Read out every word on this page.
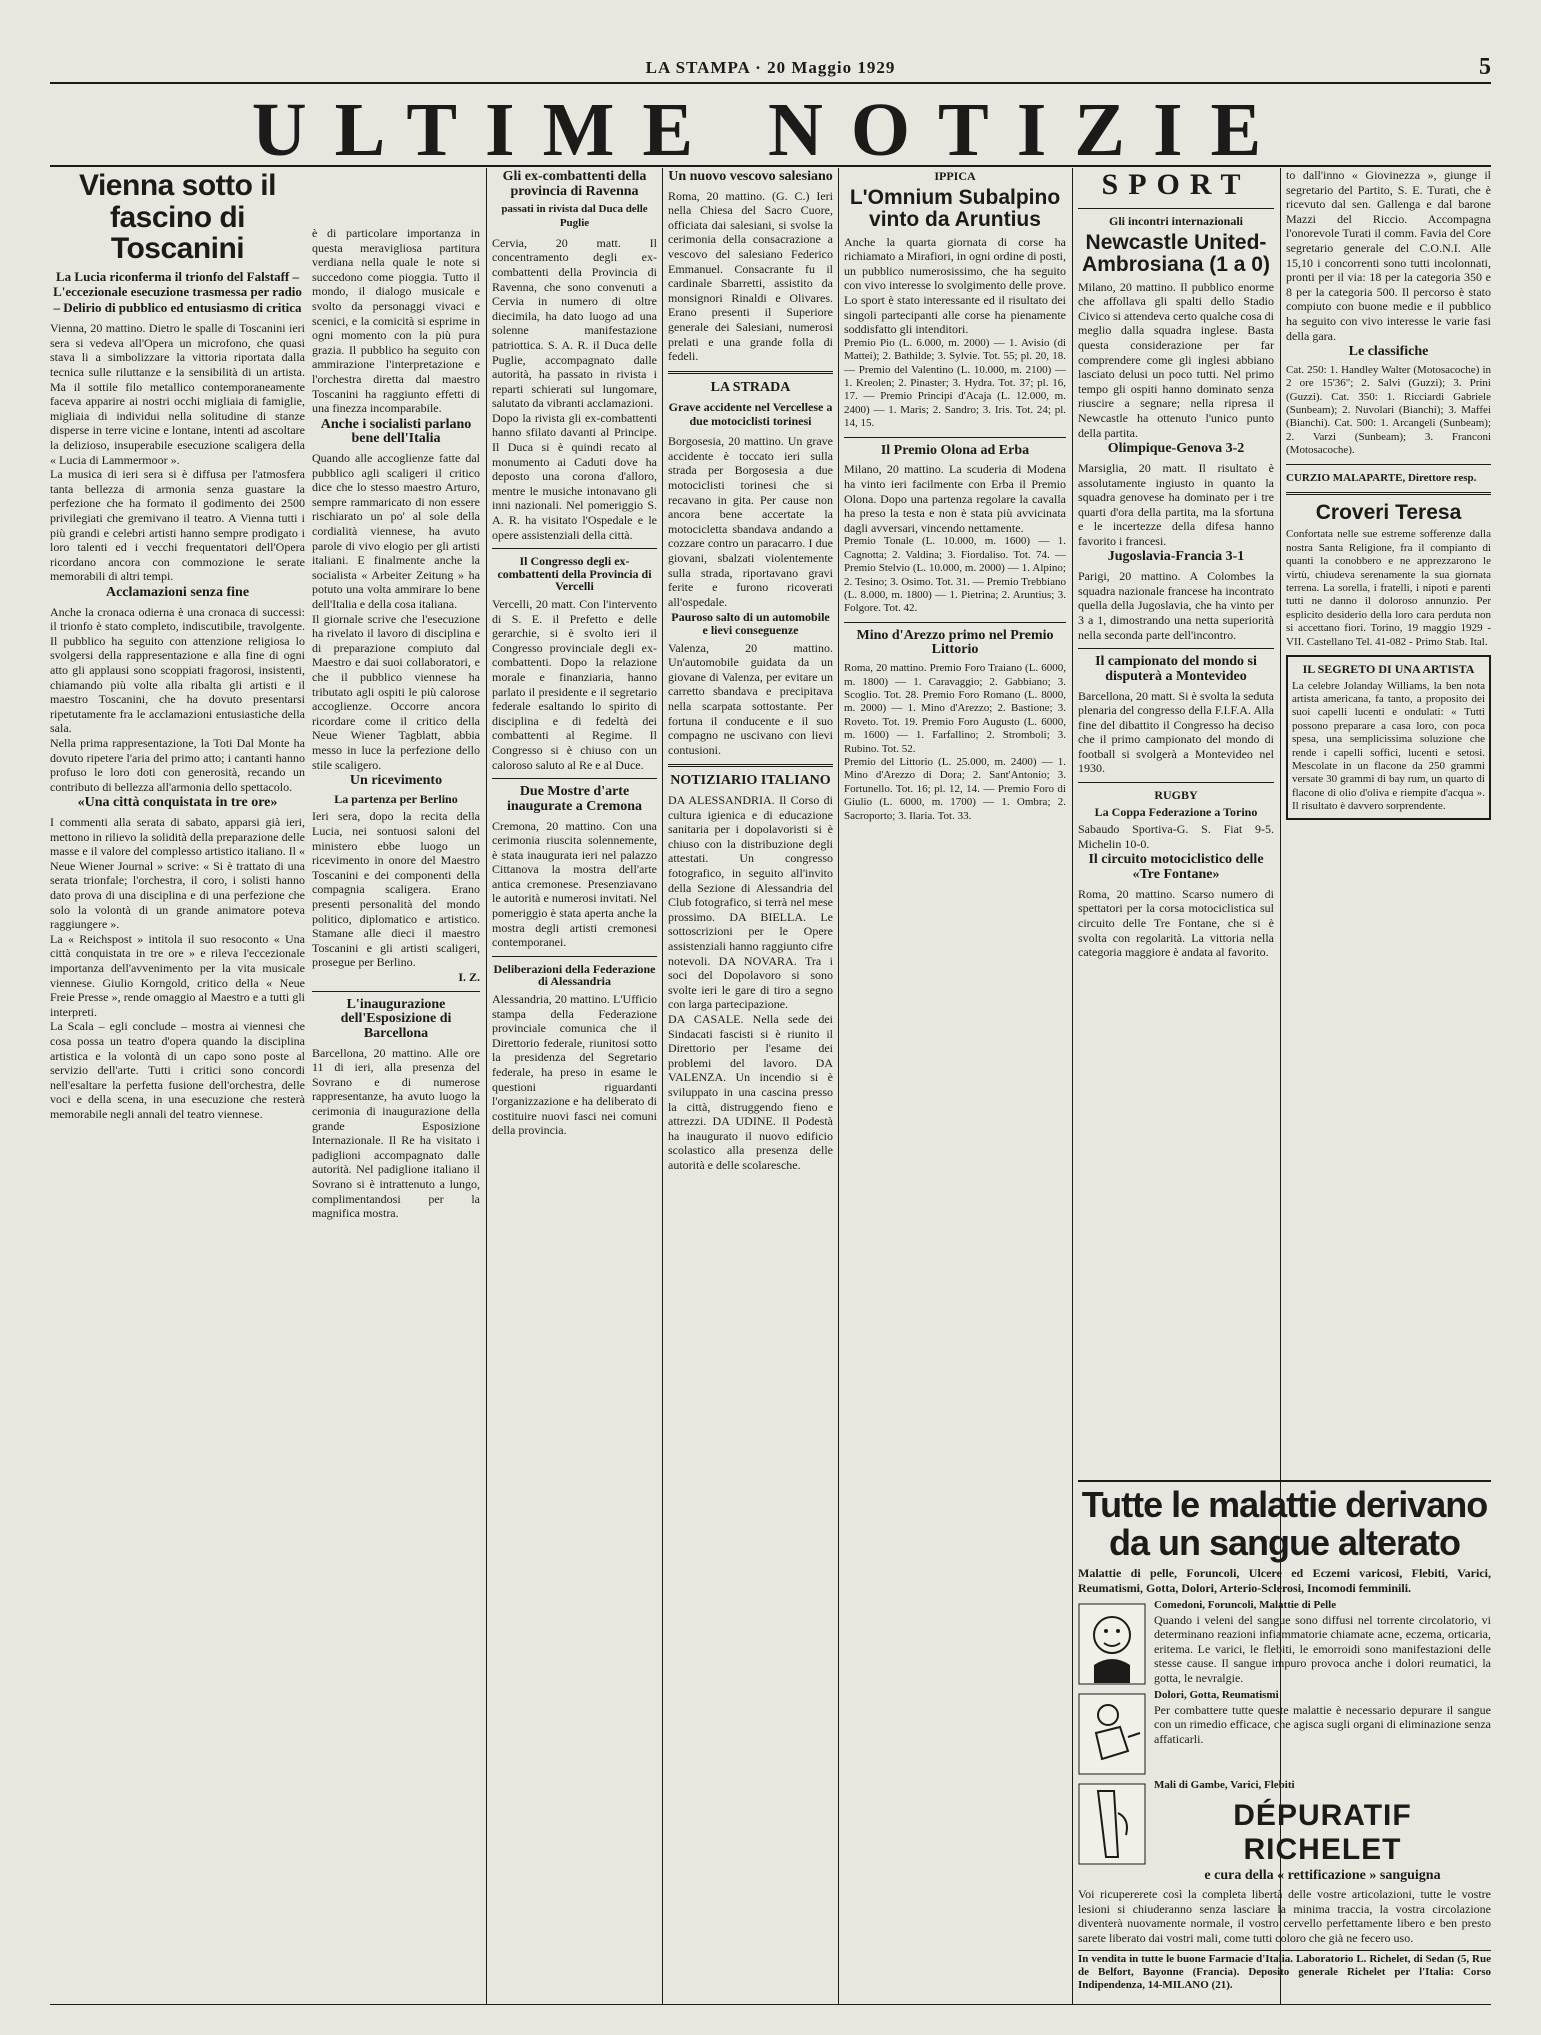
LA STAMPA · 20 Maggio 1929	5
ULTIME NOTIZIE
Vienna sotto il fascino di Toscanini
La Lucia riconferma il trionfo del Falstaff – L'eccezionale esecuzione trasmessa per radio – Delirio di pubblico ed entusiasmo di critica

Vienna, 20 mattino. Dietro le spalle di Toscanini ieri sera si vedeva all'Opera un microfono, che quasi stava li a simbolizzare la vittoria riportata dalla tecnica sulle riluttanze e la sensibilità di un artista. Ma il sottile filo metallico contemporaneamente faceva apparire ai nostri occhi migliaia di famiglie, migliaia di individui nella solitudine di stanze disperse in terre vicine e lontane, intenti ad ascoltare la delizioso, insuperabile esecuzione scaligera della « Lucia di Lammermoor ».

La musica di ieri sera si è diffusa per l'atmosfera tanta bellezza di armonia senza guastare la perfezione che ha formato il godimento dei 2500 privilegiati che gremivano il teatro. A Vienna tutti i più grandi e celebri artisti hanno sempre prodigato i loro talenti ed i vecchi frequentatori dell'Opera ricordano ancora con commozione le serate memorabili di altri tempi.

Acclamazioni senza fine

Anche la cronaca odierna è una cronaca di successi: il trionfo è stato completo, indiscutibile, travolgente. Il pubblico ha seguito con attenzione religiosa lo svolgersi della rappresentazione e alla fine di ogni atto gli applausi sono scoppiati fragorosi, insistenti, chiamando più volte alla ribalta gli artisti e il maestro Toscanini, che ha dovuto presentarsi ripetutamente fra le acclamazioni entusiastiche della sala.

Nella prima rappresentazione, la Toti Dal Monte ha dovuto ripetere l'aria del primo atto; i cantanti hanno profuso le loro doti con generosità, recando un contributo di bellezza all'armonia dello spettacolo.

«Una città conquistata in tre ore»

I commenti alla serata di sabato, apparsi già ieri, mettono in rilievo la solidità della preparazione delle masse e il valore del complesso artistico italiano. Il « Neue Wiener Journal » scrive: « Si è trattato di una serata trionfale; l'orchestra, il coro, i solisti hanno dato prova di una disciplina e di una perfezione che solo la volontà di un grande animatore poteva raggiungere ».

La « Reichspost » intitola il suo resoconto « Una città conquistata in tre ore » e rileva l'eccezionale importanza dell'avvenimento per la vita musicale viennese. Giulio Korngold, critico della « Neue Freie Presse », rende omaggio al Maestro e a tutti gli interpreti.

La Scala – egli conclude – mostra ai viennesi che cosa possa un teatro d'opera quando la disciplina artistica e la volontà di un capo sono poste al servizio dell'arte. Tutti i critici sono concordi nell'esaltare la perfetta fusione dell'orchestra, delle voci e della scena, in una esecuzione che resterà memorabile negli annali del teatro viennese.

è di particolare importanza in questa meravigliosa partitura verdiana nella quale le note si succedono come pioggia. Tutto il mondo, il dialogo musicale e svolto da personaggi vivaci e scenici, e la comicità si esprime in ogni momento con la più pura grazia. Il pubblico ha seguito con ammirazione l'interpretazione e l'orchestra diretta dal maestro Toscanini ha raggiunto effetti di una finezza incomparabile.

Anche i socialisti parlano bene dell'Italia

Quando alle accoglienze fatte dal pubblico agli scaligeri il critico dice che lo stesso maestro Arturo, sempre rammaricato di non essere rischiarato un po' al sole della cordialità viennese, ha avuto parole di vivo elogio per gli artisti italiani. E finalmente anche la socialista « Arbeiter Zeitung » ha potuto una volta ammirare lo bene dell'Italia e della cosa italiana.

Il giornale scrive che l'esecuzione ha rivelato il lavoro di disciplina e di preparazione compiuto dal Maestro e dai suoi collaboratori, e che il pubblico viennese ha tributato agli ospiti le più calorose accoglienze. Occorre ancora ricordare come il critico della Neue Wiener Tagblatt, abbia messo in luce la perfezione dello stile scaligero.

Un ricevimento
La partenza per Berlino

Ieri sera, dopo la recita della Lucia, nei sontuosi saloni del ministero ebbe luogo un ricevimento in onore del Maestro Toscanini e dei componenti della compagnia scaligera. Erano presenti personalità del mondo politico, diplomatico e artistico. Stamane alle dieci il maestro Toscanini e gli artisti scaligeri, prosegue per Berlino.

I. Z.
L'inaugurazione dell'Esposizione di Barcellona

Barcellona, 20 mattino. Alle ore 11 di ieri, alla presenza del Sovrano e di numerose rappresentanze, ha avuto luogo la cerimonia di inaugurazione della grande Esposizione Internazionale. Il Re ha visitato i padiglioni accompagnato dalle autorità. Nel padiglione italiano il Sovrano si è intrattenuto a lungo, complimentandosi per la magnifica mostra.

Gli ex-combattenti della provincia di Ravenna
passati in rivista dal Duca delle Puglie

Cervia, 20 matt. Il concentramento degli ex-combattenti della Provincia di Ravenna, che sono convenuti a Cervia in numero di oltre diecimila, ha dato luogo ad una solenne manifestazione patriottica. S. A. R. il Duca delle Puglie, accompagnato dalle autorità, ha passato in rivista i reparti schierati sul lungomare, salutato da vibranti acclamazioni.

Dopo la rivista gli ex-combattenti hanno sfilato davanti al Principe. Il Duca si è quindi recato al monumento ai Caduti dove ha deposto una corona d'alloro, mentre le musiche intonavano gli inni nazionali. Nel pomeriggio S. A. R. ha visitato l'Ospedale e le opere assistenziali della città.

Il Congresso degli ex-combattenti della Provincia di Vercelli

Vercelli, 20 matt. Con l'intervento di S. E. il Prefetto e delle gerarchie, si è svolto ieri il Congresso provinciale degli ex-combattenti. Dopo la relazione morale e finanziaria, hanno parlato il presidente e il segretario federale esaltando lo spirito di disciplina e di fedeltà dei combattenti al Regime. Il Congresso si è chiuso con un caloroso saluto al Re e al Duce.

Due Mostre d'arte inaugurate a Cremona

Cremona, 20 mattino. Con una cerimonia riuscita solennemente, è stata inaugurata ieri nel palazzo Cittanova la mostra dell'arte antica cremonese. Presenziavano le autorità e numerosi invitati. Nel pomeriggio è stata aperta anche la mostra degli artisti cremonesi contemporanei.

Deliberazioni della Federazione di Alessandria

Alessandria, 20 mattino. L'Ufficio stampa della Federazione provinciale comunica che il Direttorio federale, riunitosi sotto la presidenza del Segretario federale, ha preso in esame le questioni riguardanti l'organizzazione e ha deliberato di costituire nuovi fasci nei comuni della provincia.

Un nuovo vescovo salesiano

Roma, 20 mattino. (G. C.) Ieri nella Chiesa del Sacro Cuore, officiata dai salesiani, si svolse la cerimonia della consacrazione a vescovo del salesiano Federico Emmanuel. Consacrante fu il cardinale Sbarretti, assistito da monsignori Rinaldi e Olivares. Erano presenti il Superiore generale dei Salesiani, numerosi prelati e una grande folla di fedeli.

LA STRADA
Grave accidente nel Vercellese a due motociclisti torinesi

Borgosesia, 20 mattino. Un grave accidente è toccato ieri sulla strada per Borgosesia a due motociclisti torinesi che si recavano in gita. Per cause non ancora bene accertate la motocicletta sbandava andando a cozzare contro un paracarro. I due giovani, sbalzati violentemente sulla strada, riportavano gravi ferite e furono ricoverati all'ospedale.

Pauroso salto di un automobile e lievi conseguenze

Valenza, 20 mattino. Un'automobile guidata da un giovane di Valenza, per evitare un carretto sbandava e precipitava nella scarpata sottostante. Per fortuna il conducente e il suo compagno ne uscivano con lievi contusioni.

NOTIZIARIO ITALIANO

DA ALESSANDRIA. Il Corso di cultura igienica e di educazione sanitaria per i dopolavoristi si è chiuso con la distribuzione degli attestati. Un congresso fotografico, in seguito all'invito della Sezione di Alessandria del Club fotografico, si terrà nel mese prossimo. DA BIELLA. Le sottoscrizioni per le Opere assistenziali hanno raggiunto cifre notevoli. DA NOVARA. Tra i soci del Dopolavoro si sono svolte ieri le gare di tiro a segno con larga partecipazione.

DA CASALE. Nella sede dei Sindacati fascisti si è riunito il Direttorio per l'esame dei problemi del lavoro. DA VALENZA. Un incendio si è sviluppato in una cascina presso la città, distruggendo fieno e attrezzi. DA UDINE. Il Podestà ha inaugurato il nuovo edificio scolastico alla presenza delle autorità e delle scolaresche.

IPPICA
L'Omnium Subalpino vinto da Aruntius

Anche la quarta giornata di corse ha richiamato a Mirafiori, in ogni ordine di posti, un pubblico numerosissimo, che ha seguito con vivo interesse lo svolgimento delle prove. Lo sport è stato interessante ed il risultato dei singoli partecipanti alle corse ha pienamente soddisfatto gli intenditori.

Premio Pio (L. 6.000, m. 2000) — 1. Avisio (di Mattei); 2. Bathilde; 3. Sylvie. Tot. 55; pl. 20, 18. — Premio del Valentino (L. 10.000, m. 2100) — 1. Kreolen; 2. Pinaster; 3. Hydra. Tot. 37; pl. 16, 17. — Premio Principi d'Acaja (L. 12.000, m. 2400) — 1. Maris; 2. Sandro; 3. Iris. Tot. 24; pl. 14, 15.

Il Premio Olona ad Erba

Milano, 20 mattino. La scuderia di Modena ha vinto ieri facilmente con Erba il Premio Olona. Dopo una partenza regolare la cavalla ha preso la testa e non è stata più avvicinata dagli avversari, vincendo nettamente.

Premio Tonale (L. 10.000, m. 1600) — 1. Cagnotta; 2. Valdina; 3. Fiordaliso. Tot. 74. — Premio Stelvio (L. 10.000, m. 2000) — 1. Alpino; 2. Tesino; 3. Osimo. Tot. 31. — Premio Trebbiano (L. 8.000, m. 1800) — 1. Pietrina; 2. Aruntius; 3. Folgore. Tot. 42.

Mino d'Arezzo primo nel Premio Littorio

Roma, 20 mattino. Premio Foro Traiano (L. 6000, m. 1800) — 1. Caravaggio; 2. Gabbiano; 3. Scoglio. Tot. 28. Premio Foro Romano (L. 8000, m. 2000) — 1. Mino d'Arezzo; 2. Bastione; 3. Roveto. Tot. 19. Premio Foro Augusto (L. 6000, m. 1600) — 1. Farfallino; 2. Stromboli; 3. Rubino. Tot. 52.

Premio del Littorio (L. 25.000, m. 2400) — 1. Mino d'Arezzo di Dora; 2. Sant'Antonio; 3. Fortunello. Tot. 16; pl. 12, 14. — Premio Foro di Giulio (L. 6000, m. 1700) — 1. Ombra; 2. Sacroporto; 3. Ilaria. Tot. 33.

SPORT
Gli incontri internazionali
Newcastle United-Ambrosiana (1 a 0)

Milano, 20 mattino. Il pubblico enorme che affollava gli spalti dello Stadio Civico si attendeva certo qualche cosa di meglio dalla squadra inglese. Basta questa considerazione per far comprendere come gli inglesi abbiano lasciato delusi un poco tutti. Nel primo tempo gli ospiti hanno dominato senza riuscire a segnare; nella ripresa il Newcastle ha ottenuto l'unico punto della partita.

Olimpique-Genova 3-2

Marsiglia, 20 matt. Il risultato è assolutamente ingiusto in quanto la squadra genovese ha dominato per i tre quarti d'ora della partita, ma la sfortuna e le incertezze della difesa hanno favorito i francesi.

Jugoslavia-Francia 3-1

Parigi, 20 mattino. A Colombes la squadra nazionale francese ha incontrato quella della Jugoslavia, che ha vinto per 3 a 1, dimostrando una netta superiorità nella seconda parte dell'incontro.

Il campionato del mondo si disputerà a Montevideo

Barcellona, 20 matt. Si è svolta la seduta plenaria del congresso della F.I.F.A. Alla fine del dibattito il Congresso ha deciso che il primo campionato del mondo di football si svolgerà a Montevideo nel 1930.

RUGBY
La Coppa Federazione a Torino

Sabaudo Sportiva-G. S. Fiat 9-5. Michelin 10-0.

Il circuito motociclistico delle «Tre Fontane»

Roma, 20 mattino. Scarso numero di spettatori per la corsa motociclistica sul circuito delle Tre Fontane, che si è svolta con regolarità. La vittoria nella categoria maggiore è andata al favorito.

to dall'inno « Giovinezza », giunge il segretario del Partito, S. E. Turati, che è ricevuto dal sen. Gallenga e dal barone Mazzi del Riccio. Accompagna l'onorevole Turati il comm. Favia del Core segretario generale del C.O.N.I. Alle 15,10 i concorrenti sono tutti incolonnati, pronti per il via: 18 per la categoria 350 e 8 per la categoria 500. Il percorso è stato compiuto con buone medie e il pubblico ha seguito con vivo interesse le varie fasi della gara.

Le classifiche

Cat. 250: 1. Handley Walter (Motosacoche) in 2 ore 15'36"; 2. Salvi (Guzzi); 3. Prini (Guzzi). Cat. 350: 1. Ricciardi Gabriele (Sunbeam); 2. Nuvolari (Bianchi); 3. Maffei (Bianchi). Cat. 500: 1. Arcangeli (Sunbeam); 2. Varzi (Sunbeam); 3. Franconi (Motosacoche).

CURZIO MALAPARTE, Direttore resp.
Croveri Teresa

Confortata nelle sue estreme sofferenze dalla nostra Santa Religione, fra il compianto di quanti la conobbero e ne apprezzarono le virtù, chiudeva serenamente la sua giornata terrena. La sorella, i fratelli, i nipoti e parenti tutti ne danno il doloroso annunzio. Per esplicito desiderio della loro cara perduta non si accettano fiori. Torino, 19 maggio 1929 - VII. Castellano Tel. 41-082 - Primo Stab. Ital.

IL SEGRETO DI UNA ARTISTA

La celebre Jolanday Williams, la ben nota artista americana, fa tanto, a proposito dei suoi capelli lucenti e ondulati: « Tutti possono preparare a casa loro, con poca spesa, una semplicissima soluzione che rende i capelli soffici, lucenti e setosi. Mescolate in un flacone da 250 grammi versate 30 grammi di bay rum, un quarto di flacone di olio d'oliva e riempite d'acqua ». Il risultato è davvero sorprendente.

Tutte le malattie derivano da un sangue alterato
Malattie di pelle, Foruncoli, Ulcere ed Eczemi varicosi, Flebiti, Varici, Reumatismi, Gotta, Dolori, Arterio-Sclerosi, Incomodi femminili.
Comedoni, Foruncoli, Malattie di Pelle

Quando i veleni del sangue sono diffusi nel torrente circolatorio, vi determinano reazioni infiammatorie chiamate acne, eczema, orticaria, eritema. Le varici, le flebiti, le emorroidi sono manifestazioni delle stesse cause. Il sangue impuro provoca anche i dolori reumatici, la gotta, le nevralgie.

Dolori, Gotta, Reumatismi

Per combattere tutte queste malattie è necessario depurare il sangue con un rimedio efficace, che agisca sugli organi di eliminazione senza affaticarli.

Mali di Gambe, Varici, Flebiti
DÉPURATIF RICHELET
e cura della « rettificazione » sanguigna

Voi ricupererete così la completa libertà delle vostre articolazioni, tutte le vostre lesioni si chiuderanno senza lasciare la minima traccia, la vostra circolazione diventerà nuovamente normale, il vostro cervello perfettamente libero e ben presto sarete liberato dai vostri mali, come tutti coloro che già ne fecero uso.

In vendita in tutte le buone Farmacie d'Italia. Laboratorio L. Richelet, di Sedan (5, Rue de Belfort, Bayonne (Francia). Deposito generale Richelet per l'Italia: Corso Indipendenza, 14-MILANO (21).
